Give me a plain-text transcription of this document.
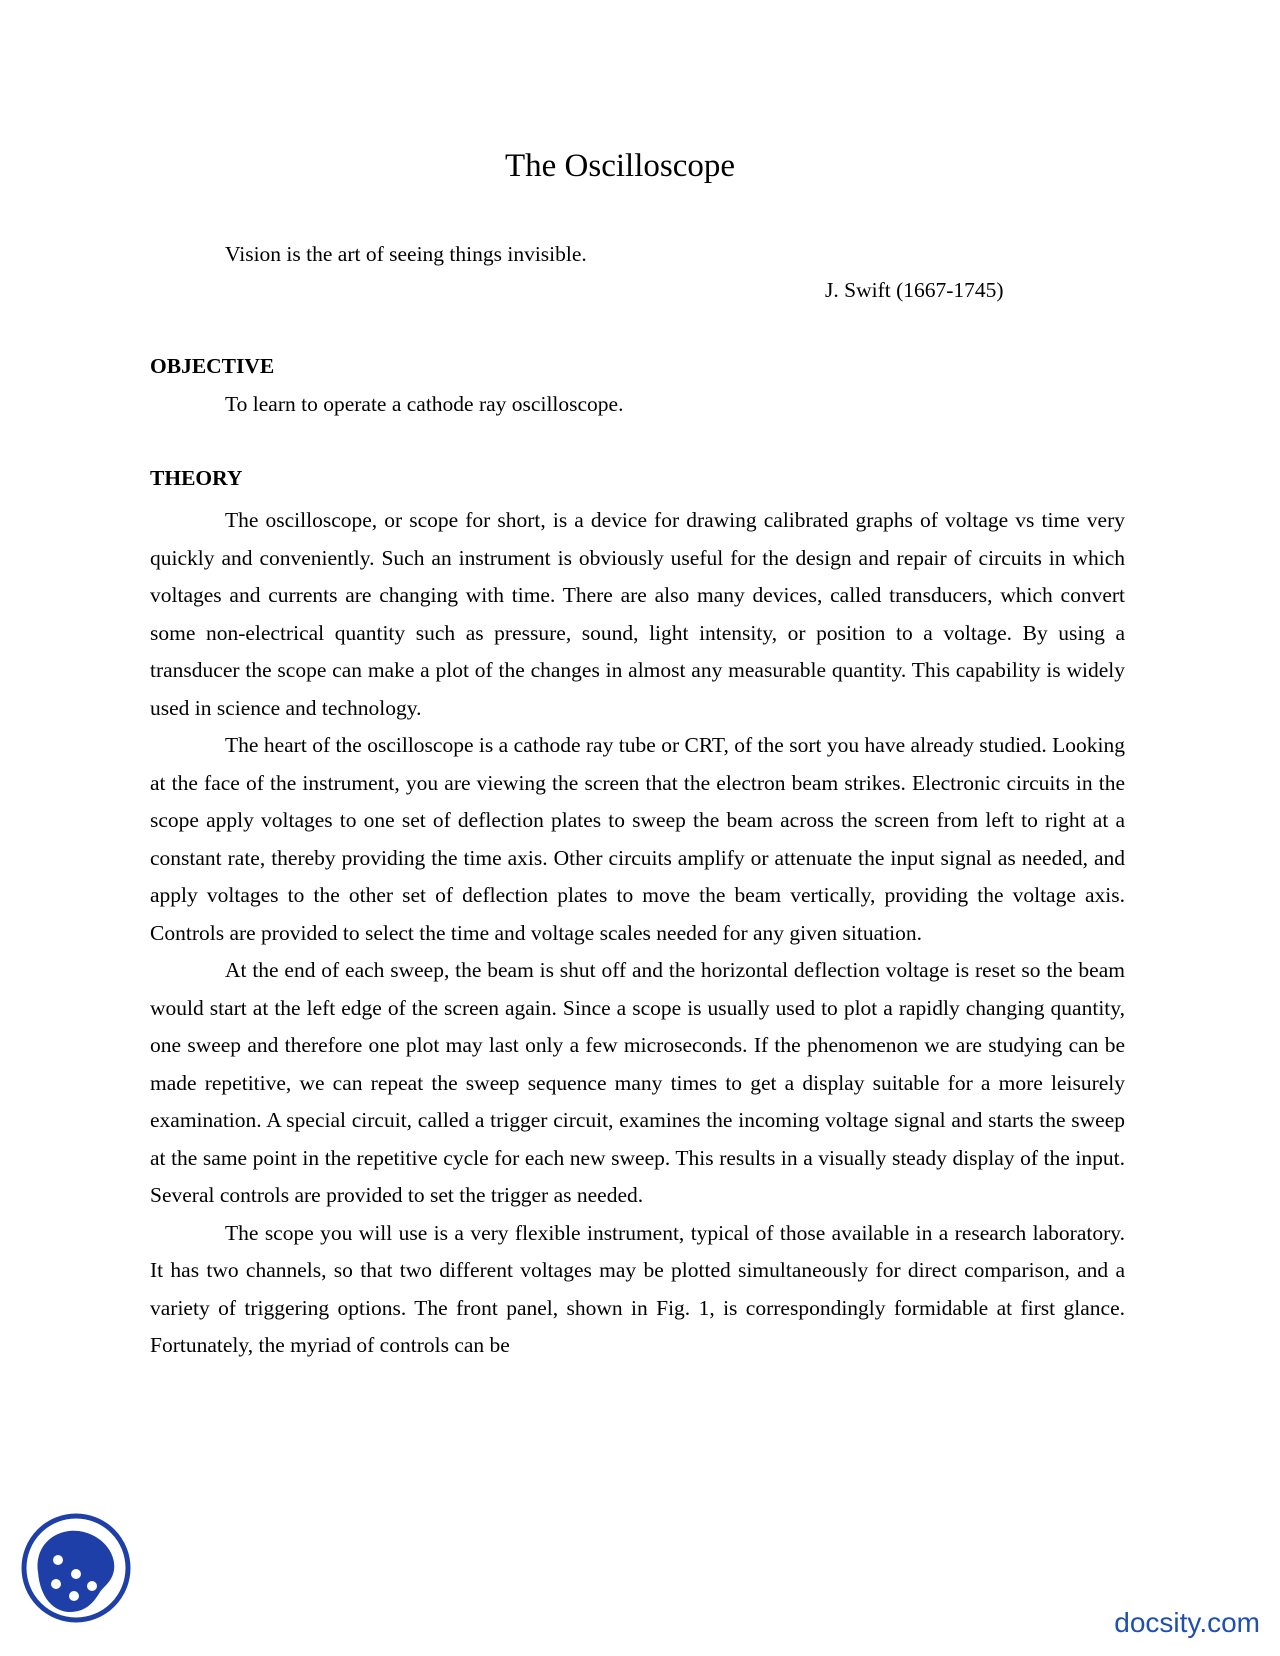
The Oscilloscope

Vision is the art of seeing things invisible.

J. Swift (1667-1745)

OBJECTIVE

To learn to operate a cathode ray oscilloscope.

THEORY

The oscilloscope, or scope for short, is a device for drawing calibrated graphs of voltage vs time very quickly and conveniently. Such an instrument is obviously useful for the design and repair of circuits in which voltages and currents are changing with time. There are also many devices, called transducers, which convert some non-electrical quantity such as pressure, sound, light intensity, or position to a voltage. By using a transducer the scope can make a plot of the changes in almost any measurable quantity. This capability is widely used in science and technology.

The heart of the oscilloscope is a cathode ray tube or CRT, of the sort you have already studied. Looking at the face of the instrument, you are viewing the screen that the electron beam strikes. Electronic circuits in the scope apply voltages to one set of deflection plates to sweep the beam across the screen from left to right at a constant rate, thereby providing the time axis. Other circuits amplify or attenuate the input signal as needed, and apply voltages to the other set of deflection plates to move the beam vertically, providing the voltage axis. Controls are provided to select the time and voltage scales needed for any given situation.

At the end of each sweep, the beam is shut off and the horizontal deflection voltage is reset so the beam would start at the left edge of the screen again. Since a scope is usually used to plot a rapidly changing quantity, one sweep and therefore one plot may last only a few microseconds. If the phenomenon we are studying can be made repetitive, we can repeat the sweep sequence many times to get a display suitable for a more leisurely examination. A special circuit, called a trigger circuit, examines the incoming voltage signal and starts the sweep at the same point in the repetitive cycle for each new sweep. This results in a visually steady display of the input. Several controls are provided to set the trigger as needed.

The scope you will use is a very flexible instrument, typical of those available in a research laboratory. It has two channels, so that two different voltages may be plotted simultaneously for direct comparison, and a variety of triggering options. The front panel, shown in Fig. 1, is correspondingly formidable at first glance. Fortunately, the myriad of controls can be

docsity.com
